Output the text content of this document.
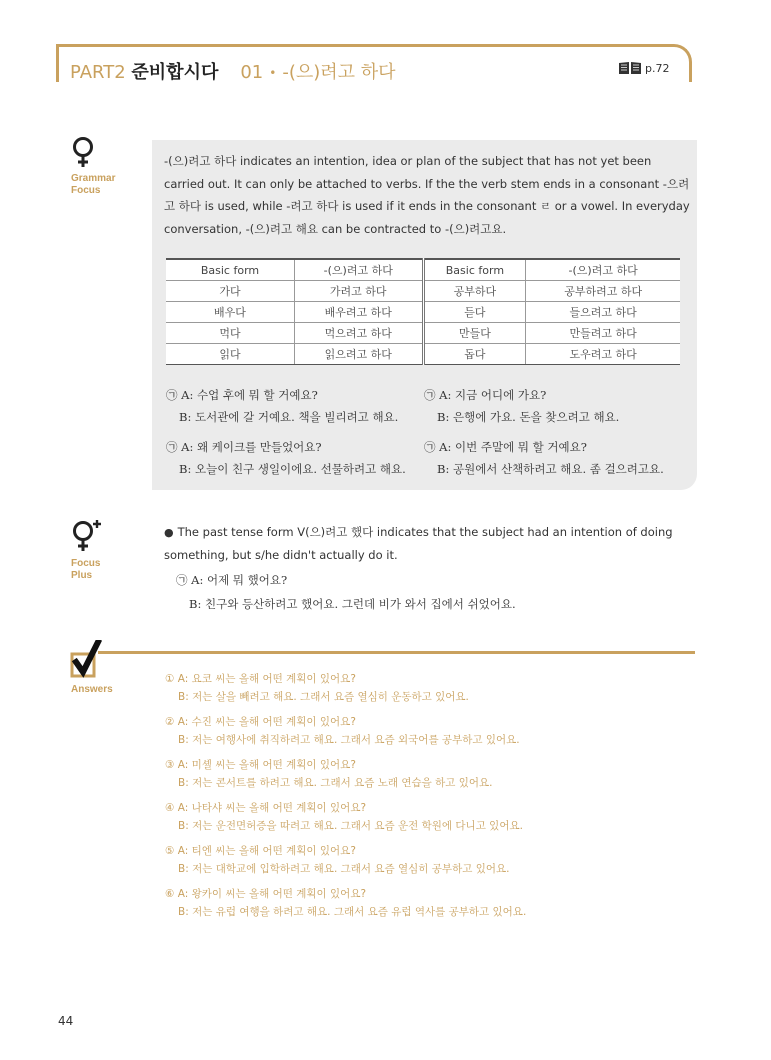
PART2 준비합시다 01 • -(으)려고 하다	p.72
Grammar
Focus

-(으)려고 하다 indicates an intention, idea or plan of the subject that has not yet been carried out. It can only be attached to verbs. If the the verb stem ends in a consonant -으려고 하다 is used, while -려고 하다 is used if it ends in the consonant ㄹ or a vowel. In everyday conversation, -(으)려고 해요 can be contracted to -(으)려고요.

Basic form	-(으)려고 하다	Basic form	-(으)려고 하다
가다	가려고 하다	공부하다	공부하려고 하다
배우다	배우려고 하다	듣다	들으려고 하다
먹다	먹으려고 하다	만들다	만들려고 하다
읽다	읽으려고 하다	돕다	도우려고 하다
㉠ A: 수업 후에 뭐 할 거예요?
B: 도서관에 갈 거예요. 책을 빌리려고 해요.
㉠ A: 지금 어디에 가요?
B: 은행에 가요. 돈을 찾으려고 해요.
㉠ A: 왜 케이크를 만들었어요?
B: 오늘이 친구 생일이에요. 선물하려고 해요.
㉠ A: 이번 주말에 뭐 할 거예요?
B: 공원에서 산책하려고 해요. 좀 걸으려고요.
Focus
Plus
● The past tense form V(으)려고 했다 indicates that the subject had an intention of doing something, but s/he didn't actually do it.
㉠ A: 어제 뭐 했어요?
B: 친구와 등산하려고 했어요. 그런데 비가 와서 집에서 쉬었어요.
Answers
① A: 요코 씨는 올해 어떤 계획이 있어요?
B: 저는 살을 빼려고 해요. 그래서 요즘 열심히 운동하고 있어요.
② A: 수진 씨는 올해 어떤 계획이 있어요?
B: 저는 여행사에 취직하려고 해요. 그래서 요즘 외국어를 공부하고 있어요.
③ A: 미셸 씨는 올해 어떤 계획이 있어요?
B: 저는 콘서트를 하려고 해요. 그래서 요즘 노래 연습을 하고 있어요.
④ A: 나타샤 씨는 올해 어떤 계획이 있어요?
B: 저는 운전면허증을 따려고 해요. 그래서 요즘 운전 학원에 다니고 있어요.
⑤ A: 티엔 씨는 올해 어떤 계획이 있어요?
B: 저는 대학교에 입학하려고 해요. 그래서 요즘 열심히 공부하고 있어요.
⑥ A: 왕카이 씨는 올해 어떤 계획이 있어요?
B: 저는 유럽 여행을 하려고 해요. 그래서 요즘 유럽 역사를 공부하고 있어요.
44
